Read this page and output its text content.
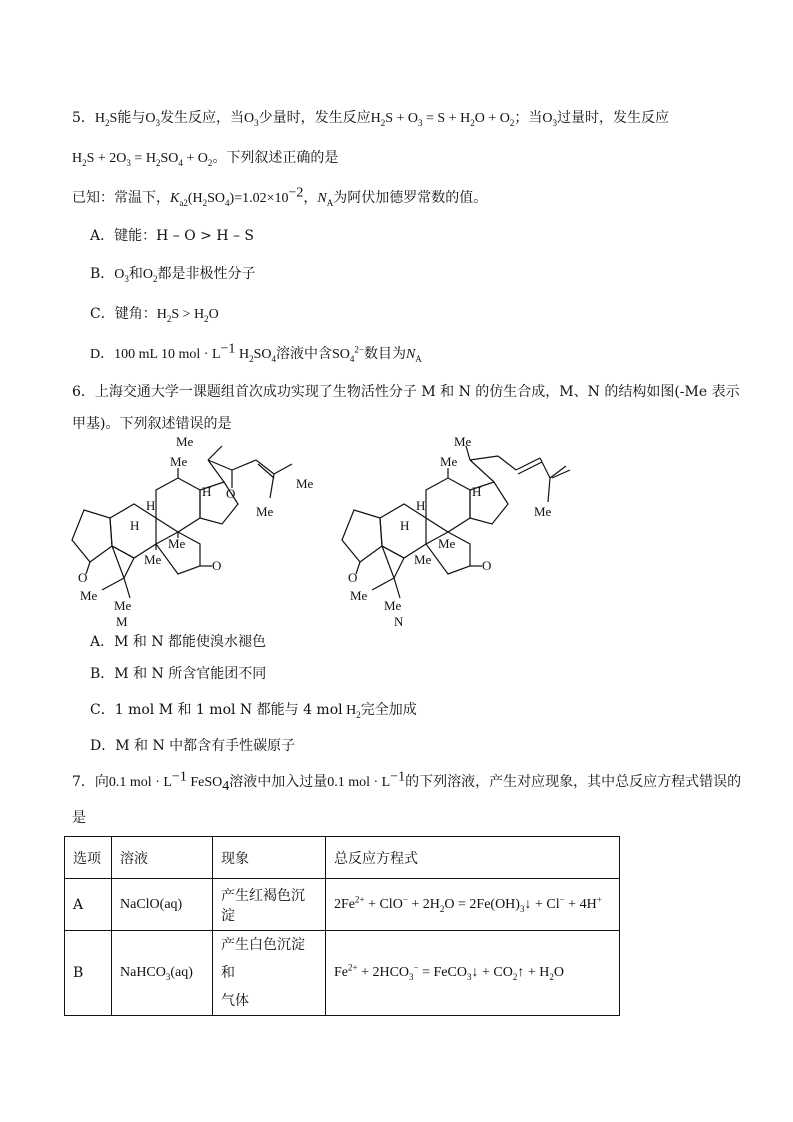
5．$H_2S$能与$O_3$发生反应，当$O_3$少量时，发生反应$H_2S + O_3 = S + H_2O + O_2$；当$O_3$过量时，发生反应
$H_2S + 2O_3 = H_2SO_4 + O_2$。下列叙述正确的是
已知：常温下，$K_{a2}(H_2SO_4)=1.02\times 10^{-2}$，$N_A$为阿伏加德罗常数的值。
A．键能：H – O > H – S
B．$O_3$和$O_2$都是非极性分子
C．键角：$H_2S > H_2O$
D．100 mL 10 mol · $L^{-1}$ $H_2SO_4$溶液中含$SO_4^{2-}$数目为$N_A$
6．上海交通大学一课题组首次成功实现了生物活性分子 M 和 N 的仿生合成，M、N 的结构如图(-Me 表示
甲基)。下列叙述错误的是
Me
Me
H
H
H
Me
Me
O
Me
Me
O
O
Me
Me
M
Me
Me
H
H
H
Me
Me
Me
O
O
Me
Me
N
A．M 和 N 都能使溴水褪色
B．M 和 N 所含官能团不同
C．1 mol M 和 1 mol N 都能与 4 mol $H_2$完全加成
D．M 和 N 中都含有手性碳原子
7．向0.1 mol · $L^{-1}$ FeSO$_4$溶液中加入过量0.1 mol · $L^{-1}$的下列溶液，产生对应现象，其中总反应方程式错误的
是
选项	溶液	现象	总反应方程式
A	NaClO(aq)	产生红褐色沉淀	$2Fe^{2+} + ClO^- + 2H_2O$ = $2Fe(OH)_3↓ + Cl^- + 4H^+$
B	NaHCO$_3$(aq)	产生白色沉淀和
气体	$Fe^{2+} + 2HCO_3^-$ = FeCO$_3$↓ + $CO_2↑ + H_2O$
